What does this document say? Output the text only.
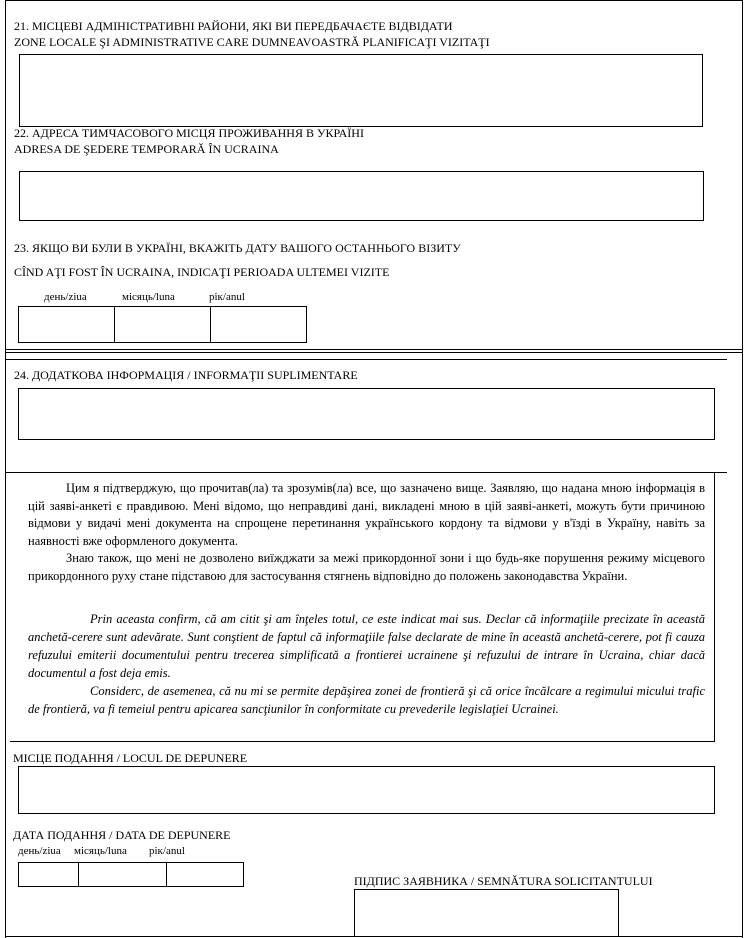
21. МІСЦЕВІ АДМІНІСТРАТИВНІ РАЙОНИ, ЯКІ ВИ ПЕРЕДБАЧАЄТЕ ВІДВІДАТИ
ZONE LOCALE ŞI ADMINISTRATIVE CARE DUMNEAVOASTRĂ PLANIFICAŢI VIZITAŢI
22. АДРЕСА ТИМЧАСОВОГО МІСЦЯ ПРОЖИВАННЯ В УКРАЇНІ
ADRESA DE ŞEDERE TEMPORARĂ ÎN UCRAINA
23. ЯКЩО ВИ БУЛИ В УКРАЇНІ, ВКАЖІТЬ ДАТУ ВАШОГО ОСТАННЬОГО ВІЗИТУ
CÎND AŢI FOST ÎN UCRAINA, INDICAŢI PERIOADA ULTEMEI VIZITE
день/ziua	місяць/luna	рік/anul
24. ДОДАТКОВА ІНФОРМАЦІЯ / INFORMAŢII SUPLIMENTARE
Цим я підтверджую, що прочитав(ла) та зрозумів(ла) все, що зазначено вище. Заявляю, що надана мною інформація в цій заяві-анкеті є правдивою. Мені відомо, що неправдиві дані, викладені мною в цій заяві-анкеті, можуть бути причиною відмови у видачі мені документа на спрощене перетинання українського кордону та відмови у в'їзді в Україну, навіть за наявності вже оформленого документа.
Знаю також, що мені не дозволено виїжджати за межі прикордонної зони і що будь-яке порушення режиму місцевого прикордонного руху стане підставою для застосування стягнень відповідно до положень законодавства України.
Prin aceasta confirm, că am citit şi am înţeles totul, ce este indicat mai sus. Declar că informaţiile precizate în această anchetă-cerere sunt adevărate. Sunt conştient de faptul că informaţiile false declarate de mine în această anchetă-cerere, pot fi cauza refuzului emiterii documentului pentru trecerea simplificată a frontierei ucrainene şi refuzului de intrare în Ucraina, chiar dacă documentul a fost deja emis.
Considerc, de asemenea, că nu mi se permite depăşirea zonei de frontieră şi că orice încălcare a regimului micului trafic de frontieră, va fi temeiul pentru apicarea sancţiunilor în conformitate cu prevederile legislaţiei Ucrainei.
МІСЦЕ ПОДАННЯ / LOCUL DE DEPUNERE
ДАТА ПОДАННЯ / DATA DE DEPUNERE
день/ziua місяць/luna рік/anul
ПІДПИС ЗАЯВНИКА / SEMNĂTURA SOLICITANTULUI
